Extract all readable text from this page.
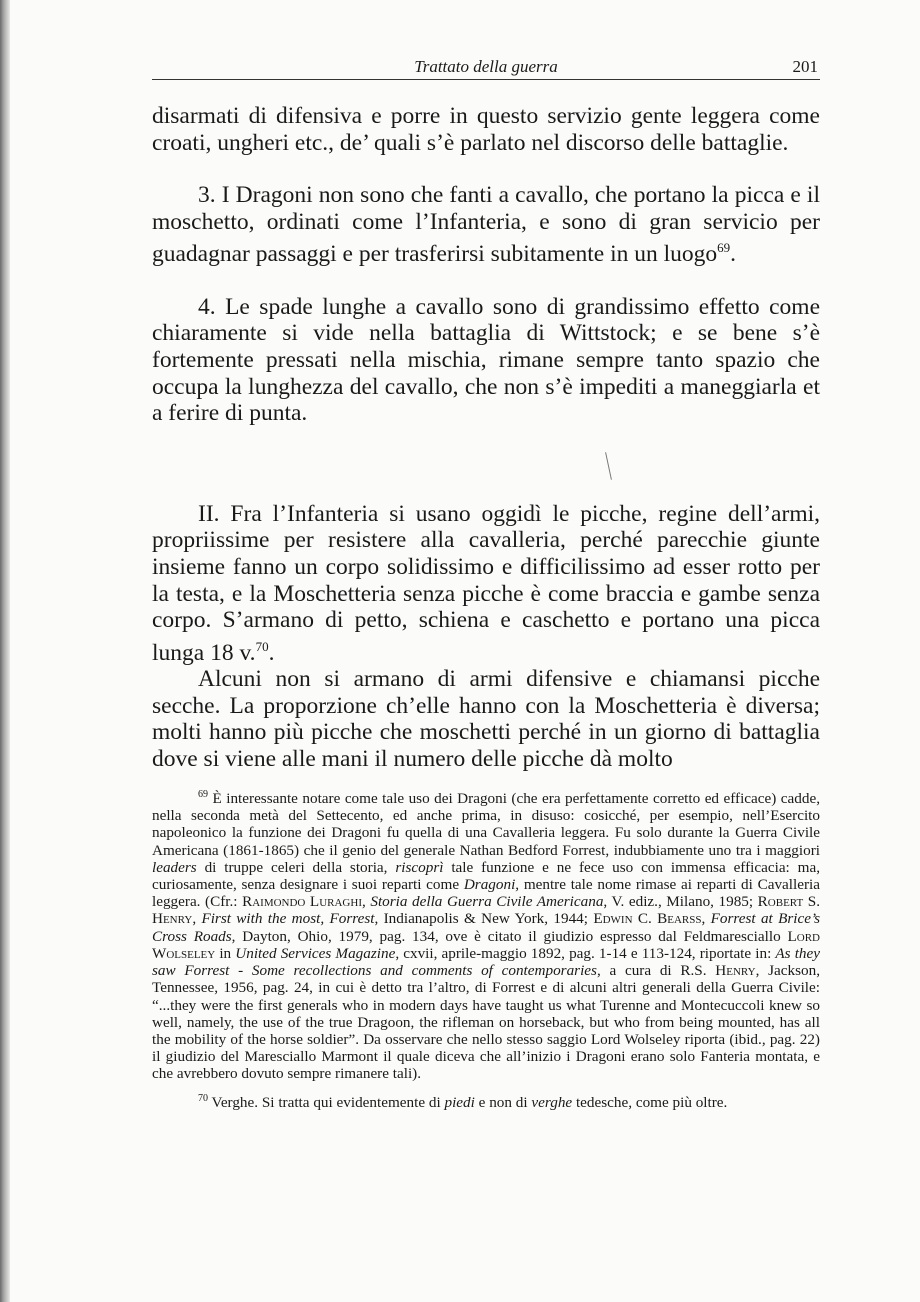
Trattato della guerra	201

disarmati di difensiva e porre in questo servizio gente leggera come croati, ungheri etc., de’ quali s’è parlato nel discorso delle battaglie.

3. I Dragoni non sono che fanti a cavallo, che portano la picca e il moschetto, ordinati come l’Infanteria, e sono di gran servicio per guadagnar passaggi e per trasferirsi subitamente in un luogo$^{69}$.

4. Le spade lunghe a cavallo sono di grandissimo effetto come chiaramente si vide nella battaglia di Wittstock; e se bene s’è fortemente pressati nella mischia, rimane sempre tanto spazio che occupa la lunghezza del cavallo, che non s’è impediti a maneggiarla et a ferire di punta.

II. Fra l’Infanteria si usano oggidì le picche, regine dell’armi, propriissime per resistere alla cavalleria, perché parecchie giunte insieme fanno un corpo solidissimo e difficilissimo ad esser rotto per la testa, e la Moschetteria senza picche è come braccia e gambe senza corpo. S’armano di petto, schiena e caschetto e portano una picca lunga 18 v.$^{70}$.

Alcuni non si armano di armi difensive e chiamansi picche secche. La proporzione ch’elle hanno con la Moschetteria è diversa; molti hanno più picche che moschetti perché in un giorno di battaglia dove si viene alle mani il numero delle picche dà molto

$^{69}$ È interessante notare come tale uso dei Dragoni (che era perfettamente corretto ed efficace) cadde, nella seconda metà del Settecento, ed anche prima, in disuso: cosicché, per esempio, nell’Esercito napoleonico la funzione dei Dragoni fu quella di una Cavalleria leggera. Fu solo durante la Guerra Civile Americana (1861-1865) che il genio del generale Nathan Bedford Forrest, indubbiamente uno tra i maggiori leaders di truppe celeri della storia, riscoprì tale funzione e ne fece uso con immensa efficacia: ma, curiosamente, senza designare i suoi reparti come Dragoni, mentre tale nome rimase ai reparti di Cavalleria leggera. (Cfr.: Raimondo Luraghi, Storia della Guerra Civile Americana, V. ediz., Milano, 1985; Robert S. Henry, First with the most, Forrest, Indianapolis & New York, 1944; Edwin C. Bearss, Forrest at Brice’s Cross Roads, Dayton, Ohio, 1979, pag. 134, ove è citato il giudizio espresso dal Feldmaresciallo Lord Wolseley in United Services Magazine, cxvii, aprile-maggio 1892, pag. 1-14 e 113-124, riportate in: As they saw Forrest - Some recollections and comments of contemporaries, a cura di R.S. Henry, Jackson, Tennessee, 1956, pag. 24, in cui è detto tra l’altro, di Forrest e di alcuni altri generali della Guerra Civile: “...they were the first generals who in modern days have taught us what Turenne and Montecuccoli knew so well, namely, the use of the true Dragoon, the rifleman on horseback, but who from being mounted, has all the mobility of the horse soldier”. Da osservare che nello stesso saggio Lord Wolseley riporta (ibid., pag. 22) il giudizio del Maresciallo Marmont il quale diceva che all’inizio i Dragoni erano solo Fanteria montata, e che avrebbero dovuto sempre rimanere tali).

$^{70}$ Verghe. Si tratta qui evidentemente di piedi e non di verghe tedesche, come più oltre.
